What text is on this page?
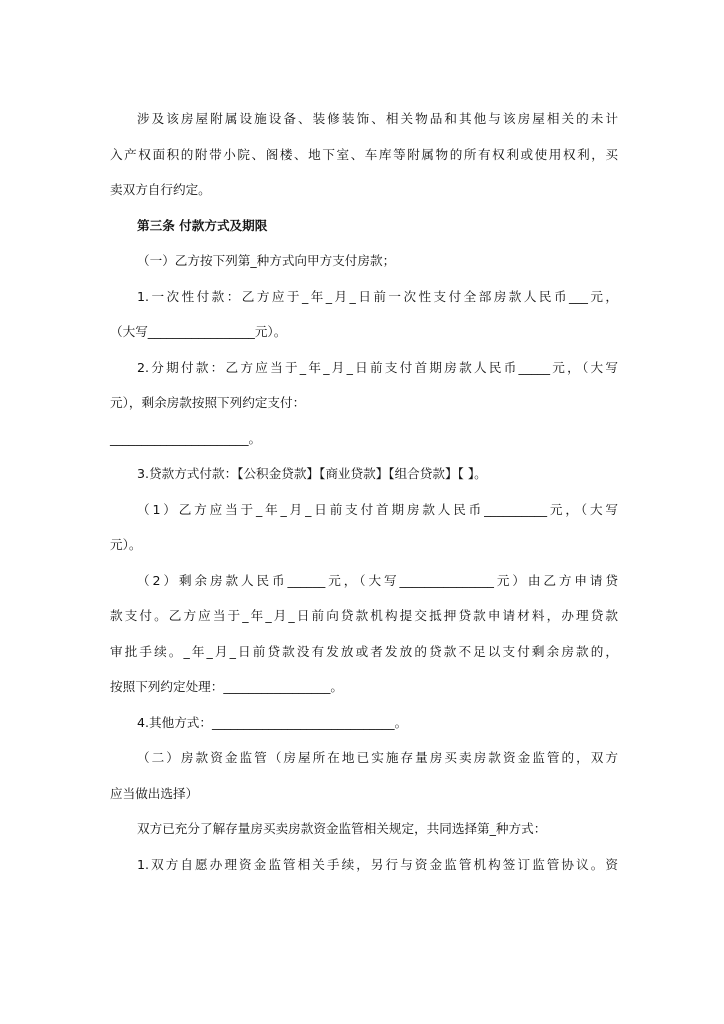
涉及该房屋附属设施设备、装修装饰、相关物品和其他与该房屋相关的未计
入产权面积的附带小院、阁楼、地下室、车库等附属物的所有权利或使用权利，买
卖双方自行约定。
第三条 付款方式及期限
（一）乙方按下列第_种方式向甲方支付房款；
1.一次性付款：乙方应于_年_月_日前一次性支付全部房款人民币___元，
（大写_________________元）。
2.分期付款：乙方应当于_年_月_日前支付首期房款人民币_____元，（大写
元），剩余房款按照下列约定支付：
______________________。
3.贷款方式付款：【公积金贷款】【商业贷款】【组合贷款】【 】。
（1）乙方应当于_年_月_日前支付首期房款人民币__________元，（大写
元）。
（2）剩余房款人民币______元，（大写_______________元）由乙方申请贷
款支付。乙方应当于_年_月_日前向贷款机构提交抵押贷款申请材料，办理贷款
审批手续。_年_月_日前贷款没有发放或者发放的贷款不足以支付剩余房款的，
按照下列约定处理：_________________。
4.其他方式：_____________________________。
（二）房款资金监管（房屋所在地已实施存量房买卖房款资金监管的，双方
应当做出选择）
双方已充分了解存量房买卖房款资金监管相关规定，共同选择第_种方式：
1.双方自愿办理资金监管相关手续，另行与资金监管机构签订监管协议。资
